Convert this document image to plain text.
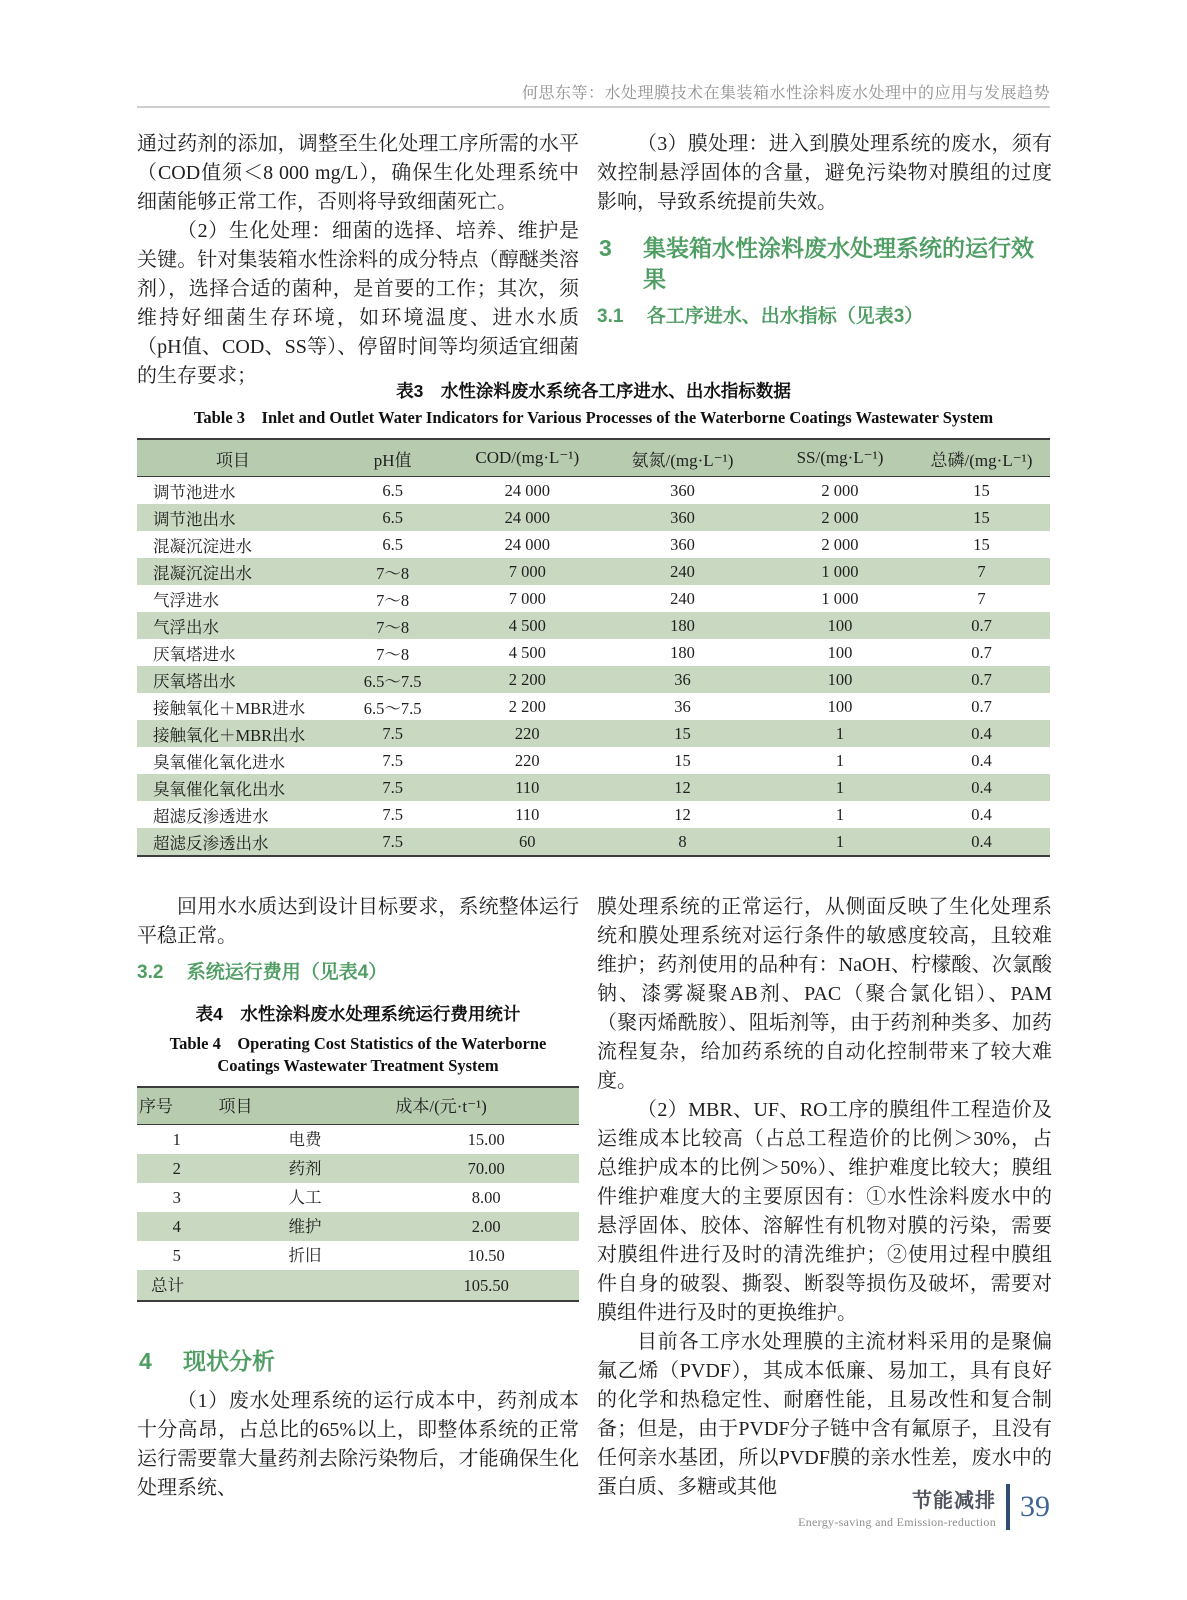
何思东等：水处理膜技术在集装箱水性涂料废水处理中的应用与发展趋势

通过药剂的添加，调整至生化处理工序所需的水平（COD值须＜8 000 mg/L），确保生化处理系统中细菌能够正常工作，否则将导致细菌死亡。

（2）生化处理：细菌的选择、培养、维护是关键。针对集装箱水性涂料的成分特点（醇醚类溶剂），选择合适的菌种，是首要的工作；其次，须维持好细菌生存环境，如环境温度、进水水质（pH值、COD、SS等）、停留时间等均须适宜细菌的生存要求；

（3）膜处理：进入到膜处理系统的废水，须有效控制悬浮固体的含量，避免污染物对膜组的过度影响，导致系统提前失效。

3 集装箱水性涂料废水处理系统的运行效果
3.1 各工序进水、出水指标（见表3）
表3　水性涂料废水系统各工序进水、出水指标数据
Table 3　Inlet and Outlet Water Indicators for Various Processes of the Waterborne Coatings Wastewater System
项目	pH值	COD/(mg·L⁻¹)	氨氮/(mg·L⁻¹)	SS/(mg·L⁻¹)	总磷/(mg·L⁻¹)
调节池进水	6.5	24 000	360	2 000	15
调节池出水	6.5	24 000	360	2 000	15
混凝沉淀进水	6.5	24 000	360	2 000	15
混凝沉淀出水	7～8	7 000	240	1 000	7
气浮进水	7～8	7 000	240	1 000	7
气浮出水	7～8	4 500	180	100	0.7
厌氧塔进水	7～8	4 500	180	100	0.7
厌氧塔出水	6.5～7.5	2 200	36	100	0.7
接触氧化＋MBR进水	6.5～7.5	2 200	36	100	0.7
接触氧化＋MBR出水	7.5	220	15	1	0.4
臭氧催化氧化进水	7.5	220	15	1	0.4
臭氧催化氧化出水	7.5	110	12	1	0.4
超滤反渗透进水	7.5	110	12	1	0.4
超滤反渗透出水	7.5	60	8	1	0.4

回用水水质达到设计目标要求，系统整体运行平稳正常。

3.2 系统运行费用（见表4）
表4　水性涂料废水处理系统运行费用统计
Table 4　Operating Cost Statistics of the Waterborne
Coatings Wastewater Treatment System
序号	项目	成本/(元·t⁻¹)
1	电费	15.00
2	药剂	70.00
3	人工	8.00
4	维护	2.00
5	折旧	10.50
总计		105.50
4 现状分析

（1）废水处理系统的运行成本中，药剂成本十分高昂，占总比的65%以上，即整体系统的正常运行需要靠大量药剂去除污染物后，才能确保生化处理系统、

膜处理系统的正常运行，从侧面反映了生化处理系统和膜处理系统对运行条件的敏感度较高，且较难维护；药剂使用的品种有：NaOH、柠檬酸、次氯酸钠、漆雾凝聚AB剂、PAC（聚合氯化铝）、PAM（聚丙烯酰胺）、阻垢剂等，由于药剂种类多、加药流程复杂，给加药系统的自动化控制带来了较大难度。

（2）MBR、UF、RO工序的膜组件工程造价及运维成本比较高（占总工程造价的比例＞30%，占总维护成本的比例＞50%）、维护难度比较大；膜组件维护难度大的主要原因有：①水性涂料废水中的悬浮固体、胶体、溶解性有机物对膜的污染，需要对膜组件进行及时的清洗维护；②使用过程中膜组件自身的破裂、撕裂、断裂等损伤及破坏，需要对膜组件进行及时的更换维护。

目前各工序水处理膜的主流材料采用的是聚偏氟乙烯（PVDF），其成本低廉、易加工，具有良好的化学和热稳定性、耐磨性能，且易改性和复合制备；但是，由于PVDF分子链中含有氟原子，且没有任何亲水基团，所以PVDF膜的亲水性差，废水中的蛋白质、多糖或其他

节能减排
Energy-saving and Emission-reduction 39
